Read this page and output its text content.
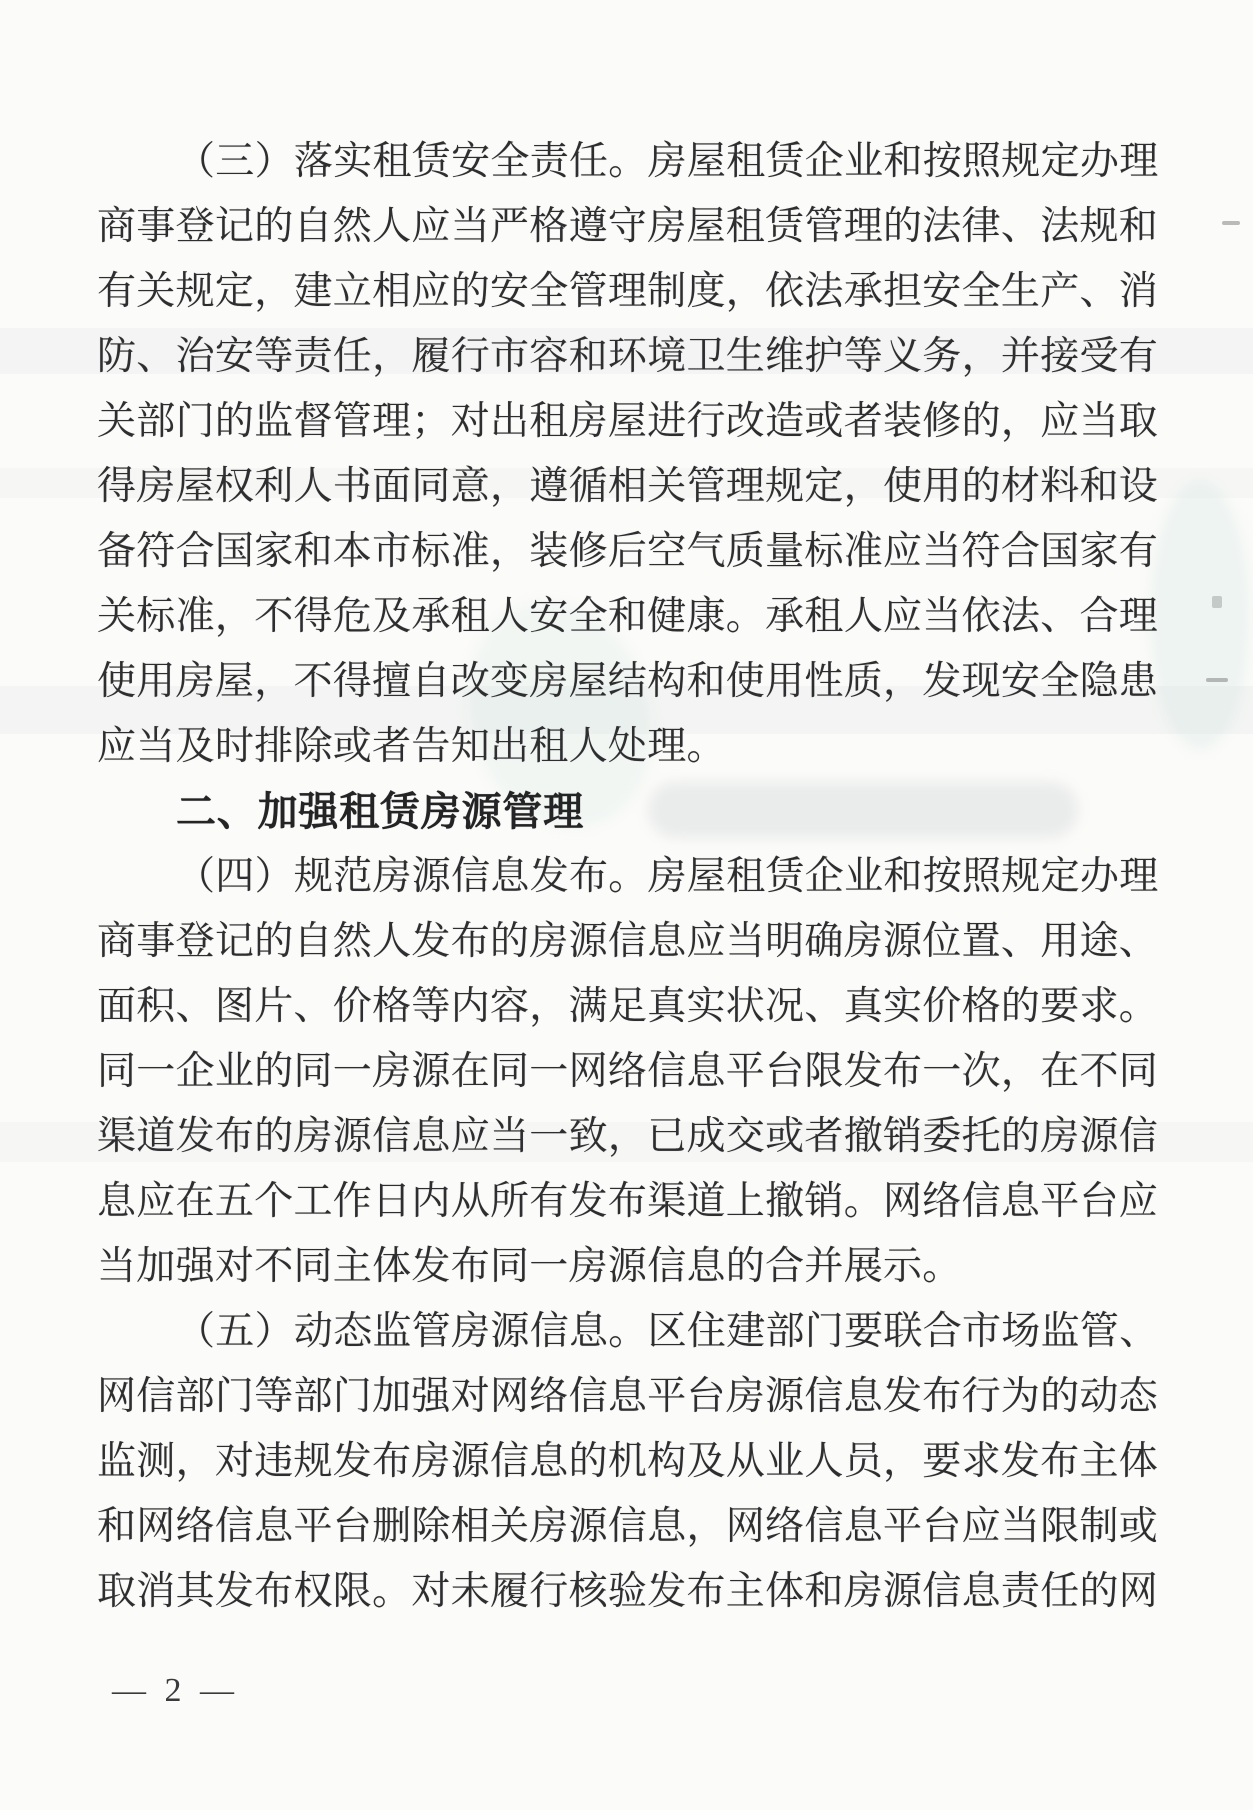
（三）落实租赁安全责任。房屋租赁企业和按照规定办理
商事登记的自然人应当严格遵守房屋租赁管理的法律、法规和
有关规定，建立相应的安全管理制度，依法承担安全生产、消
防、治安等责任，履行市容和环境卫生维护等义务，并接受有
关部门的监督管理；对出租房屋进行改造或者装修的，应当取
得房屋权利人书面同意，遵循相关管理规定，使用的材料和设
备符合国家和本市标准，装修后空气质量标准应当符合国家有
关标准，不得危及承租人安全和健康。承租人应当依法、合理
使用房屋，不得擅自改变房屋结构和使用性质，发现安全隐患
应当及时排除或者告知出租人处理。
二、加强租赁房源管理
（四）规范房源信息发布。房屋租赁企业和按照规定办理
商事登记的自然人发布的房源信息应当明确房源位置、用途、
面积、图片、价格等内容，满足真实状况、真实价格的要求。
同一企业的同一房源在同一网络信息平台限发布一次，在不同
渠道发布的房源信息应当一致，已成交或者撤销委托的房源信
息应在五个工作日内从所有发布渠道上撤销。网络信息平台应
当加强对不同主体发布同一房源信息的合并展示。
（五）动态监管房源信息。区住建部门要联合市场监管、
网信部门等部门加强对网络信息平台房源信息发布行为的动态
监测，对违规发布房源信息的机构及从业人员，要求发布主体
和网络信息平台删除相关房源信息，网络信息平台应当限制或
取消其发布权限。对未履行核验发布主体和房源信息责任的网
— 2 —
